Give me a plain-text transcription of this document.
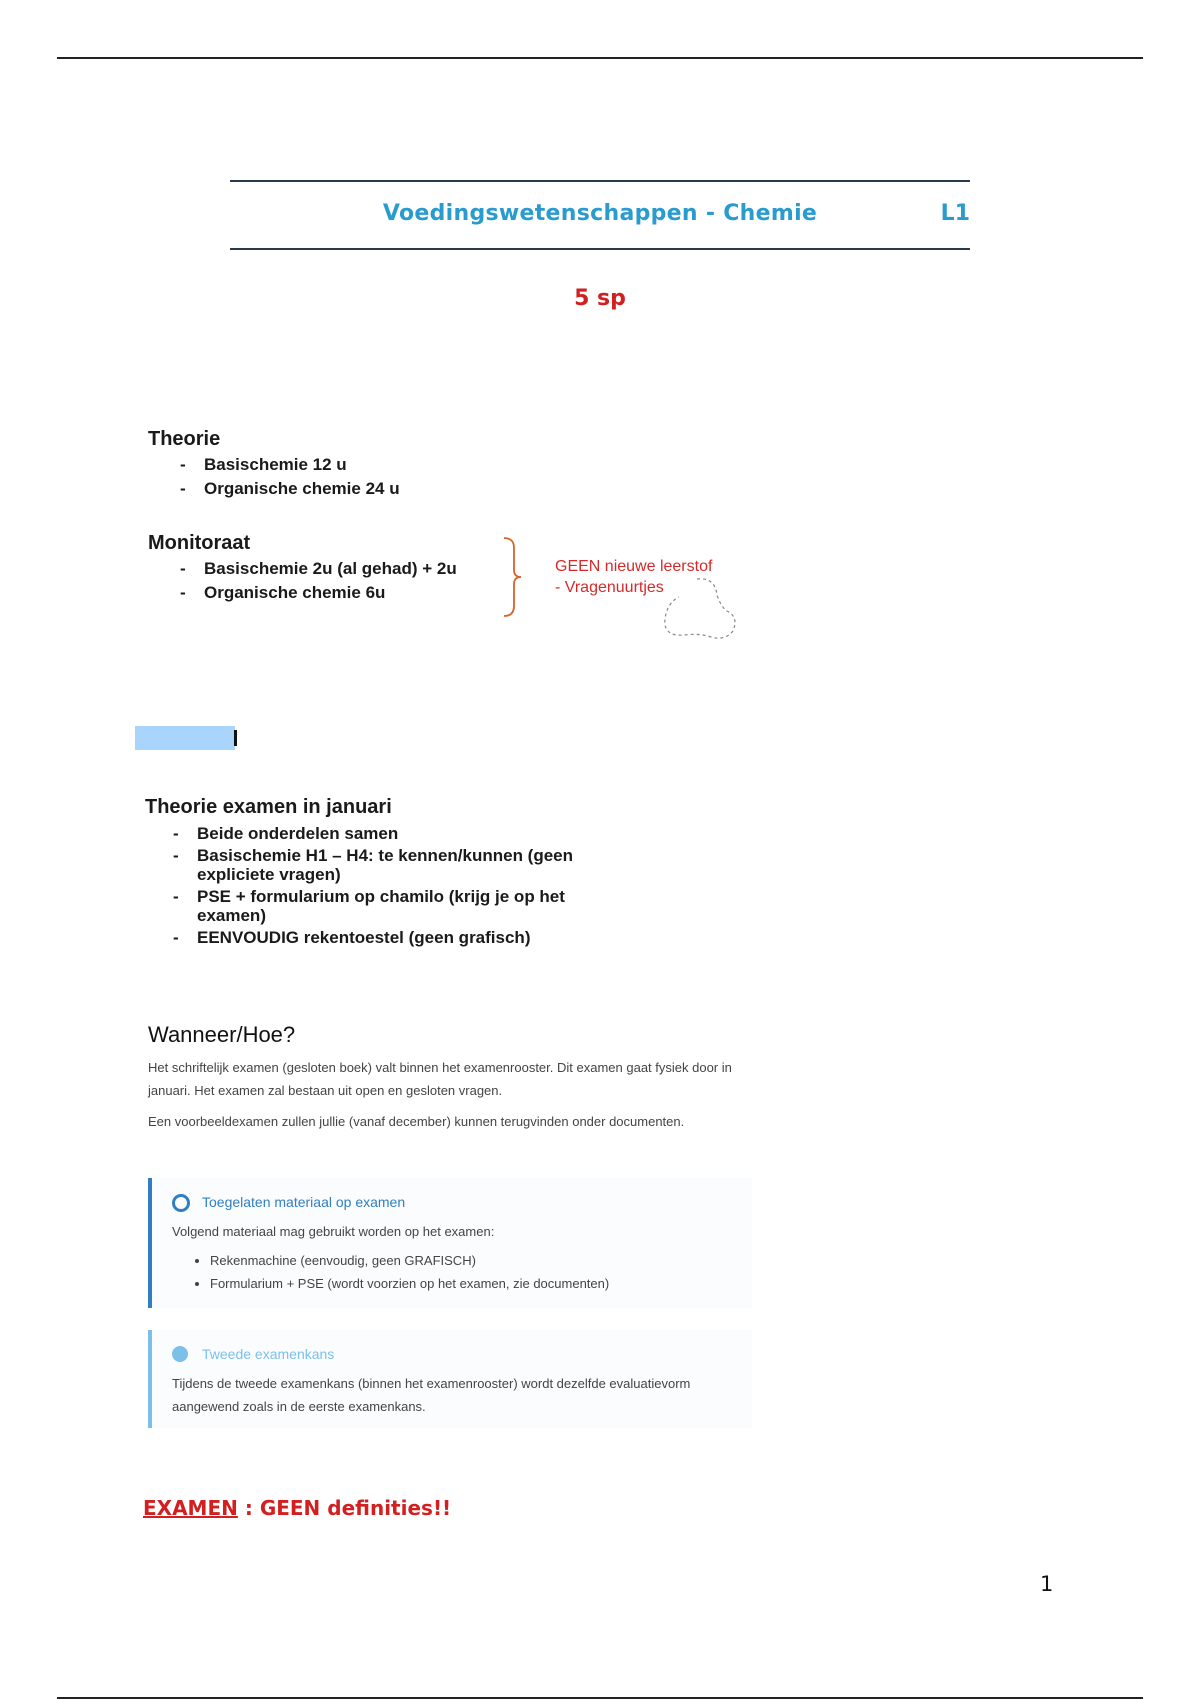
Voedingswetenschappen - Chemie	L1
5 sp
Theorie
- Basischemie 12 u
- Organische chemie 24 u
Monitoraat
- Basischemie 2u (al gehad) + 2u
- Organische chemie 6u
GEEN nieuwe leerstof
- Vragenuurtjes
Theorie examen in januari
- Beide onderdelen samen
- Basischemie H1 – H4: te kennen/kunnen (geen expliciete vragen)
- PSE + formularium op chamilo (krijg je op het examen)
- EENVOUDIG rekentoestel (geen grafisch)
Wanneer/Hoe?
Het schriftelijk examen (gesloten boek) valt binnen het examenrooster. Dit examen gaat fysiek door in januari. Het examen zal bestaan uit open en gesloten vragen.
Een voorbeeldexamen zullen jullie (vanaf december) kunnen terugvinden onder documenten.
Toegelaten materiaal op examen
Volgend materiaal mag gebruikt worden op het examen:
• Rekenmachine (eenvoudig, geen GRAFISCH)
• Formularium + PSE (wordt voorzien op het examen, zie documenten)
Tweede examenkans
Tijdens de tweede examenkans (binnen het examenrooster) wordt dezelfde evaluatievorm aangewend zoals in de eerste examenkans.
EXAMEN : GEEN definities!!
1
